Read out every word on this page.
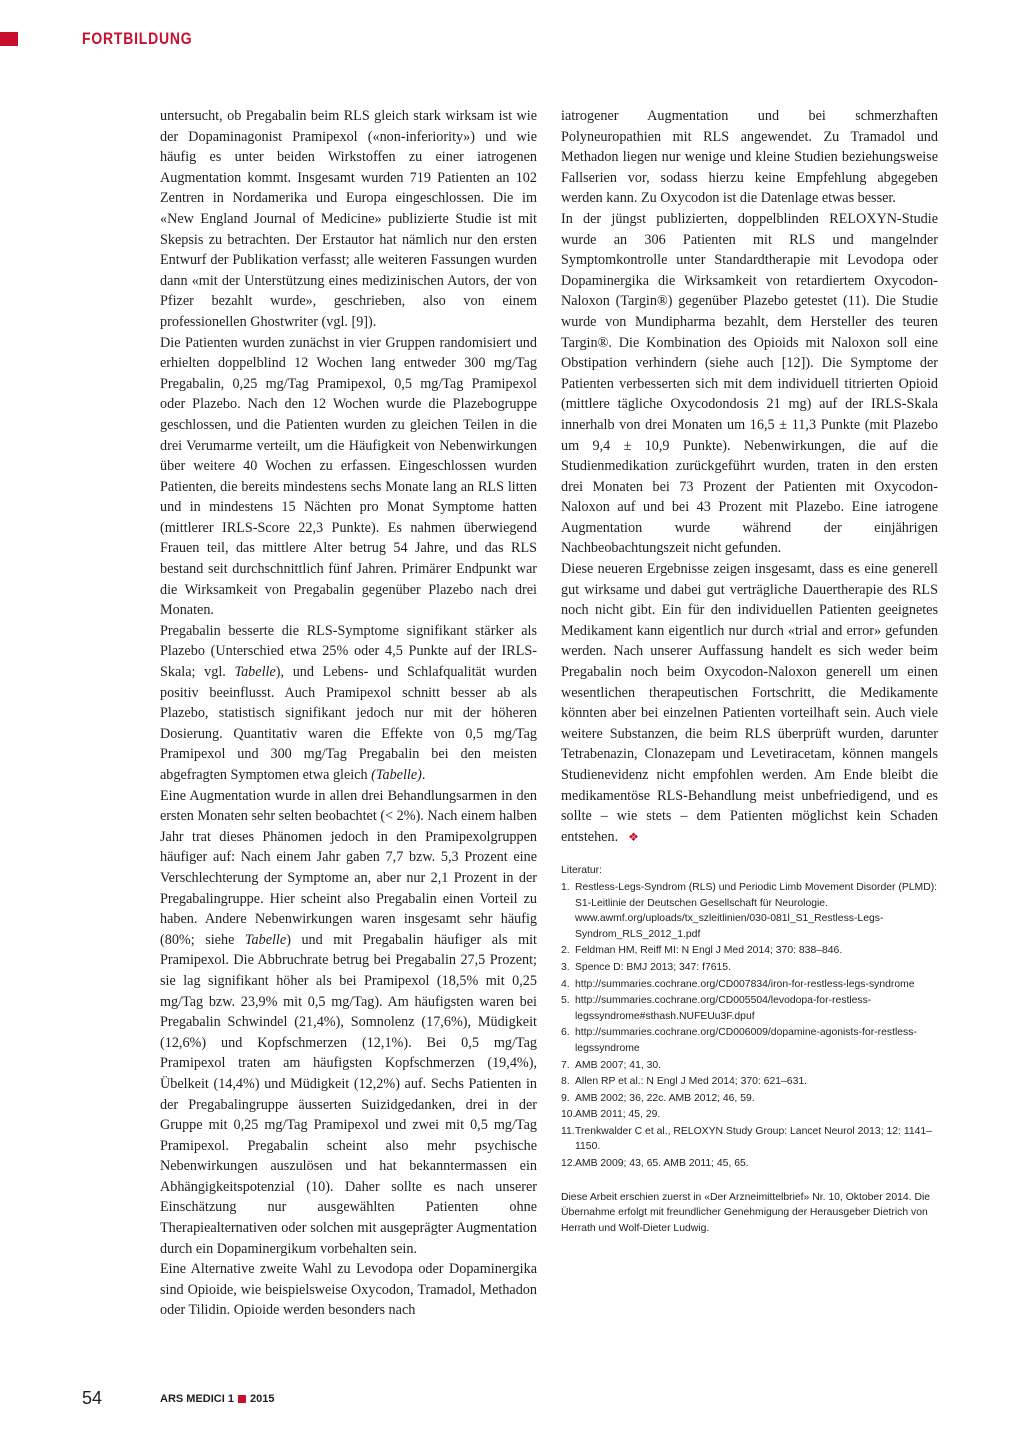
FORTBILDUNG

untersucht, ob Pregabalin beim RLS gleich stark wirksam ist wie der Dopaminagonist Pramipexol («non-inferiority») und wie häufig es unter beiden Wirkstoffen zu einer iatrogenen Augmentation kommt. Insgesamt wurden 719 Patienten an 102 Zentren in Nordamerika und Europa eingeschlossen. Die im «New England Journal of Medicine» publizierte Studie ist mit Skepsis zu betrachten. Der Erstautor hat nämlich nur den ersten Entwurf der Publikation verfasst; alle weiteren Fassungen wurden dann «mit der Unterstützung eines medizinischen Autors, der von Pfizer bezahlt wurde», geschrieben, also von einem professionellen Ghostwriter (vgl. [9]).

Die Patienten wurden zunächst in vier Gruppen randomisiert und erhielten doppelblind 12 Wochen lang entweder 300 mg/Tag Pregabalin, 0,25 mg/Tag Pramipexol, 0,5 mg/Tag Pramipexol oder Plazebo. Nach den 12 Wochen wurde die Plazebogruppe geschlossen, und die Patienten wurden zu gleichen Teilen in die drei Verumarme verteilt, um die Häufigkeit von Nebenwirkungen über weitere 40 Wochen zu erfassen. Eingeschlossen wurden Patienten, die bereits mindestens sechs Monate lang an RLS litten und in mindestens 15 Nächten pro Monat Symptome hatten (mittlerer IRLS-Score 22,3 Punkte). Es nahmen überwiegend Frauen teil, das mittlere Alter betrug 54 Jahre, und das RLS bestand seit durchschnittlich fünf Jahren. Primärer Endpunkt war die Wirksamkeit von Pregabalin gegenüber Plazebo nach drei Monaten.

Pregabalin besserte die RLS-Symptome signifikant stärker als Plazebo (Unterschied etwa 25% oder 4,5 Punkte auf der IRLS-Skala; vgl. Tabelle), und Lebens- und Schlafqualität wurden positiv beeinflusst. Auch Pramipexol schnitt besser ab als Plazebo, statistisch signifikant jedoch nur mit der höheren Dosierung. Quantitativ waren die Effekte von 0,5 mg/Tag Pramipexol und 300 mg/Tag Pregabalin bei den meisten abgefragten Symptomen etwa gleich (Tabelle).

Eine Augmentation wurde in allen drei Behandlungsarmen in den ersten Monaten sehr selten beobachtet (< 2%). Nach einem halben Jahr trat dieses Phänomen jedoch in den Pramipexolgruppen häufiger auf: Nach einem Jahr gaben 7,7 bzw. 5,3 Prozent eine Verschlechterung der Symptome an, aber nur 2,1 Prozent in der Pregabalingruppe. Hier scheint also Pregabalin einen Vorteil zu haben. Andere Nebenwirkungen waren insgesamt sehr häufig (80%; siehe Tabelle) und mit Pregabalin häufiger als mit Pramipexol. Die Abbruchrate betrug bei Pregabalin 27,5 Prozent; sie lag signifikant höher als bei Pramipexol (18,5% mit 0,25 mg/Tag bzw. 23,9% mit 0,5 mg/Tag). Am häufigsten waren bei Pregabalin Schwindel (21,4%), Somnolenz (17,6%), Müdigkeit (12,6%) und Kopfschmerzen (12,1%). Bei 0,5 mg/Tag Pramipexol traten am häufigsten Kopfschmerzen (19,4%), Übelkeit (14,4%) und Müdigkeit (12,2%) auf. Sechs Patienten in der Pregabalingruppe äusserten Suizidgedanken, drei in der Gruppe mit 0,25 mg/Tag Pramipexol und zwei mit 0,5 mg/Tag Pramipexol. Pregabalin scheint also mehr psychische Nebenwirkungen auszulösen und hat bekanntermassen ein Abhängigkeitspotenzial (10). Daher sollte es nach unserer Einschätzung nur ausgewählten Patienten ohne Therapiealternativen oder solchen mit ausgeprägter Augmentation durch ein Dopaminergikum vorbehalten sein.

Eine Alternative zweite Wahl zu Levodopa oder Dopaminergika sind Opioide, wie beispielsweise Oxycodon, Tramadol, Methadon oder Tilidin. Opioide werden besonders nach

iatrogener Augmentation und bei schmerzhaften Polyneuropathien mit RLS angewendet. Zu Tramadol und Methadon liegen nur wenige und kleine Studien beziehungsweise Fallserien vor, sodass hierzu keine Empfehlung abgegeben werden kann. Zu Oxycodon ist die Datenlage etwas besser.

In der jüngst publizierten, doppelblinden RELOXYN-Studie wurde an 306 Patienten mit RLS und mangelnder Symptomkontrolle unter Standardtherapie mit Levodopa oder Dopaminergika die Wirksamkeit von retardiertem Oxycodon-Naloxon (Targin®) gegenüber Plazebo getestet (11). Die Studie wurde von Mundipharma bezahlt, dem Hersteller des teuren Targin®. Die Kombination des Opioids mit Naloxon soll eine Obstipation verhindern (siehe auch [12]). Die Symptome der Patienten verbesserten sich mit dem individuell titrierten Opioid (mittlere tägliche Oxycodondosis 21 mg) auf der IRLS-Skala innerhalb von drei Monaten um 16,5 ± 11,3 Punkte (mit Plazebo um 9,4 ± 10,9 Punkte). Nebenwirkungen, die auf die Studienmedikation zurückgeführt wurden, traten in den ersten drei Monaten bei 73 Prozent der Patienten mit Oxycodon-Naloxon auf und bei 43 Prozent mit Plazebo. Eine iatrogene Augmentation wurde während der einjährigen Nachbeobachtungszeit nicht gefunden.

Diese neueren Ergebnisse zeigen insgesamt, dass es eine generell gut wirksame und dabei gut verträgliche Dauertherapie des RLS noch nicht gibt. Ein für den individuellen Patienten geeignetes Medikament kann eigentlich nur durch «trial and error» gefunden werden. Nach unserer Auffassung handelt es sich weder beim Pregabalin noch beim Oxycodon-Naloxon generell um einen wesentlichen therapeutischen Fortschritt, die Medikamente könnten aber bei einzelnen Patienten vorteilhaft sein. Auch viele weitere Substanzen, die beim RLS überprüft wurden, darunter Tetrabenazin, Clonazepam und Levetiracetam, können mangels Studienevidenz nicht empfohlen werden. Am Ende bleibt die medikamentöse RLS-Behandlung meist unbefriedigend, und es sollte – wie stets – dem Patienten möglichst kein Schaden entstehen. ❖

Literatur:

1. Restless-Legs-Syndrom (RLS) und Periodic Limb Movement Disorder (PLMD): S1-Leitlinie der Deutschen Gesellschaft für Neurologie. www.awmf.org/uploads/tx_szleitlinien/030-081l_S1_Restless-Legs-Syndrom_RLS_2012_1.pdf
2. Feldman HM, Reiff MI: N Engl J Med 2014; 370: 838–846.
3. Spence D: BMJ 2013; 347: f7615.
4. http://summaries.cochrane.org/CD007834/iron-for-restless-legs-syndrome
5. http://summaries.cochrane.org/CD005504/levodopa-for-restless-legssyndrome#sthash.NUFEUu3F.dpuf
6. http://summaries.cochrane.org/CD006009/dopamine-agonists-for-restless-legssyndrome
7. AMB 2007; 41, 30.
8. Allen RP et al.: N Engl J Med 2014; 370: 621–631.
9. AMB 2002; 36, 22c. AMB 2012; 46, 59.
10. AMB 2011; 45, 29.
11. Trenkwalder C et al., RELOXYN Study Group: Lancet Neurol 2013; 12: 1141–1150.
12. AMB 2009; 43, 65. AMB 2011; 45, 65.
Diese Arbeit erschien zuerst in «Der Arzneimittelbrief» Nr. 10, Oktober 2014. Die Übernahme erfolgt mit freundlicher Genehmigung der Herausgeber Dietrich von Herrath und Wolf-Dieter Ludwig.
54	ARS MEDICI 1 2015
